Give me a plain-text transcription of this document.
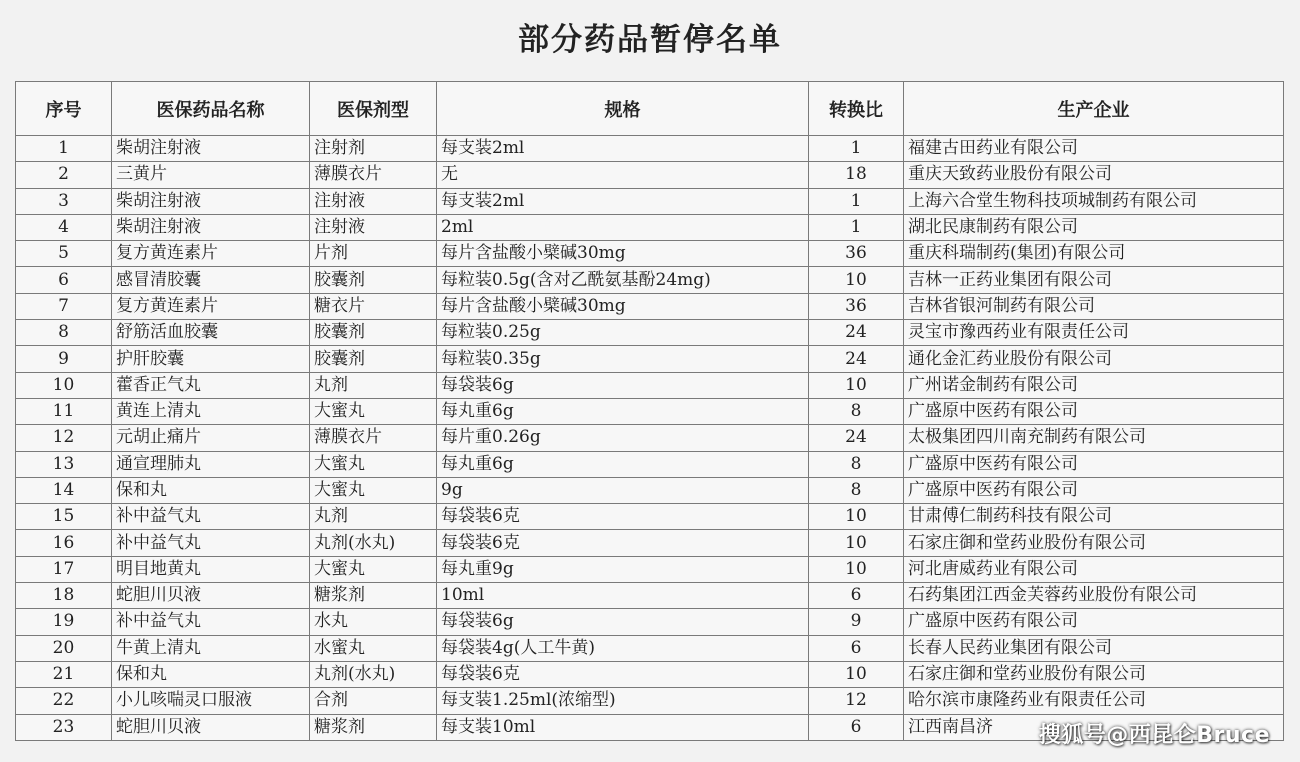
部分药品暂停名单
序号	医保药品名称	医保剂型	规格	转换比	生产企业
1	柴胡注射液	注射剂	每支装2ml	1	福建古田药业有限公司
2	三黄片	薄膜衣片	无	18	重庆天致药业股份有限公司
3	柴胡注射液	注射液	每支装2ml	1	上海六合堂生物科技项城制药有限公司
4	柴胡注射液	注射液	2ml	1	湖北民康制药有限公司
5	复方黄连素片	片剂	每片含盐酸小檗碱30mg	36	重庆科瑞制药(集团)有限公司
6	感冒清胶囊	胶囊剂	每粒装0.5g(含对乙酰氨基酚24mg)	10	吉林一正药业集团有限公司
7	复方黄连素片	糖衣片	每片含盐酸小檗碱30mg	36	吉林省银河制药有限公司
8	舒筋活血胶囊	胶囊剂	每粒装0.25g	24	灵宝市豫西药业有限责任公司
9	护肝胶囊	胶囊剂	每粒装0.35g	24	通化金汇药业股份有限公司
10	藿香正气丸	丸剂	每袋装6g	10	广州诺金制药有限公司
11	黄连上清丸	大蜜丸	每丸重6g	8	广盛原中医药有限公司
12	元胡止痛片	薄膜衣片	每片重0.26g	24	太极集团四川南充制药有限公司
13	通宣理肺丸	大蜜丸	每丸重6g	8	广盛原中医药有限公司
14	保和丸	大蜜丸	9g	8	广盛原中医药有限公司
15	补中益气丸	丸剂	每袋装6克	10	甘肃傅仁制药科技有限公司
16	补中益气丸	丸剂(水丸)	每袋装6克	10	石家庄御和堂药业股份有限公司
17	明目地黄丸	大蜜丸	每丸重9g	10	河北唐威药业有限公司
18	蛇胆川贝液	糖浆剂	10ml	6	石药集团江西金芙蓉药业股份有限公司
19	补中益气丸	水丸	每袋装6g	9	广盛原中医药有限公司
20	牛黄上清丸	水蜜丸	每袋装4g(人工牛黄)	6	长春人民药业集团有限公司
21	保和丸	丸剂(水丸)	每袋装6克	10	石家庄御和堂药业股份有限公司
22	小儿咳喘灵口服液	合剂	每支装1.25ml(浓缩型)	12	哈尔滨市康隆药业有限责任公司
23	蛇胆川贝液	糖浆剂	每支装10ml	6	江西南昌济 搜狐号@西昆仑Bruce
